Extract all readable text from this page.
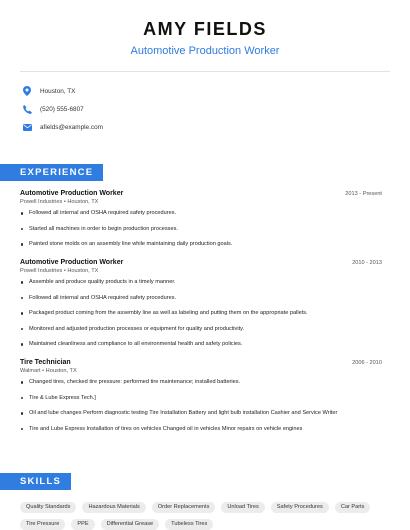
AMY FIELDS
Automotive Production Worker
Houston, TX
(520) 555-6807
afields@example.com
EXPERIENCE
Automotive Production Worker	2013 - Present
Powell Industries • Houston, TX
Followed all internal and OSHA required safety procedures.
Started all machines in order to begin production processes.
Painted stone molds on an assembly line while maintaining daily production goals.
Automotive Production Worker	2010 - 2013
Powell Industries • Houston, TX
Assemble and produce quality products in a timely manner.
Followed all internal and OSHA required safety procedures.
Packaged product coming from the assembly line as well as labeling and putting them on the appropriate pallets.
Monitored and adjusted production processes or equipment for quality and productivity.
Maintained cleanliness and compliance to all environmental health and safety policies.
Tire Technician	2006 - 2010
Walmart • Houston, TX
Changed tires, checked tire pressure: performed tire maintenance; installed batteries.
Tire & Lube Express Tech.]
Oil and lube changes Perform diagnostic testing Tire Installation Battery and light bulb installation Cashier and Service Writer
Tire and Lube Express Installation of tires on vehicles Changed oil in vehicles Minor repairs on vehicle engines
SKILLS
Quality Standards	Hazardous Materials	Order Replacements	Unload Tires	Safety Procedures	Car Parts
Tire Pressure	PPE	Differential Grease	Tubeless Tires
